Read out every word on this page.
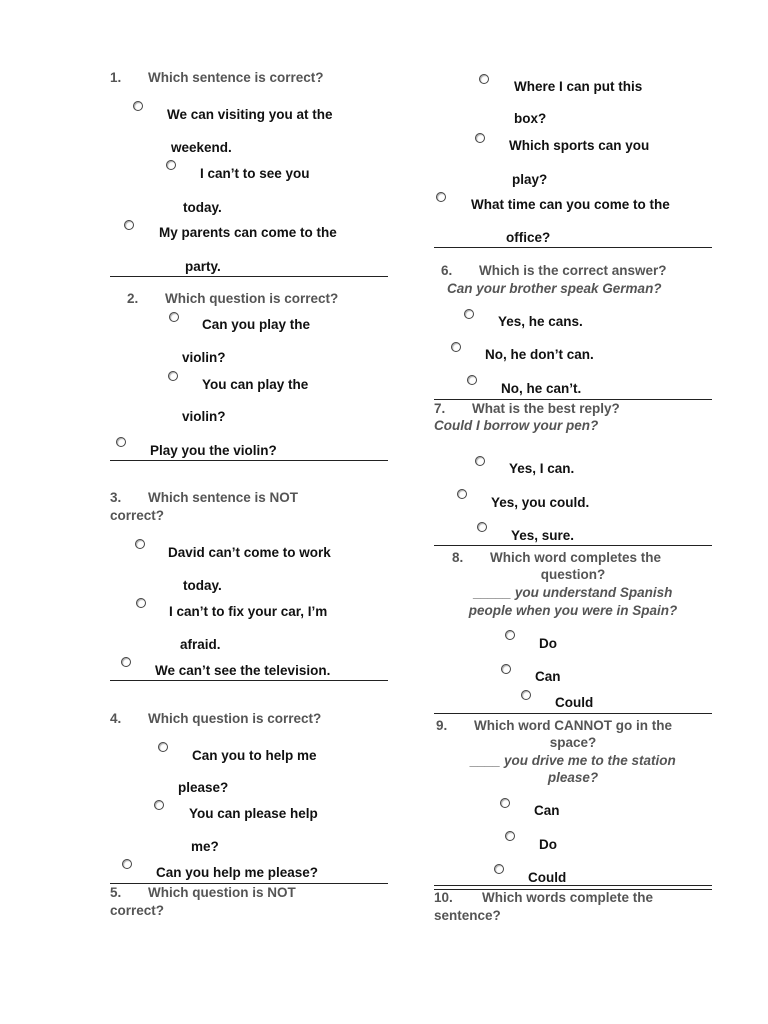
1. Which sentence is correct?
We can visiting you at the
weekend.
I can’t to see you
today.
My parents can come to the
party.
2. Which question is correct?
Can you play the
violin?
You can play the
violin?
Play you the violin?
3. Which sentence is NOT
correct?
David can’t come to work
today.
I can’t to fix your car, I’m
afraid.
We can’t see the television.
4. Which question is correct?
Can you to help me
please?
You can please help
me?
Can you help me please?
5. Which question is NOT
correct?
Where I can put this
box?
Which sports can you
play?
What time can you come to the
office?
6. Which is the correct answer?
Can your brother speak German?
Yes, he cans.
No, he don’t can.
No, he can’t.
7. What is the best reply?
Could I borrow your pen?
Yes, I can.
Yes, you could.
Yes, sure.
8. Which word completes the
question?
_____ you understand Spanish
people when you were in Spain?
Do
Can
Could
9. Which word CANNOT go in the
space?
____ you drive me to the station
please?
Can
Do
Could
10. Which words complete the
sentence?
